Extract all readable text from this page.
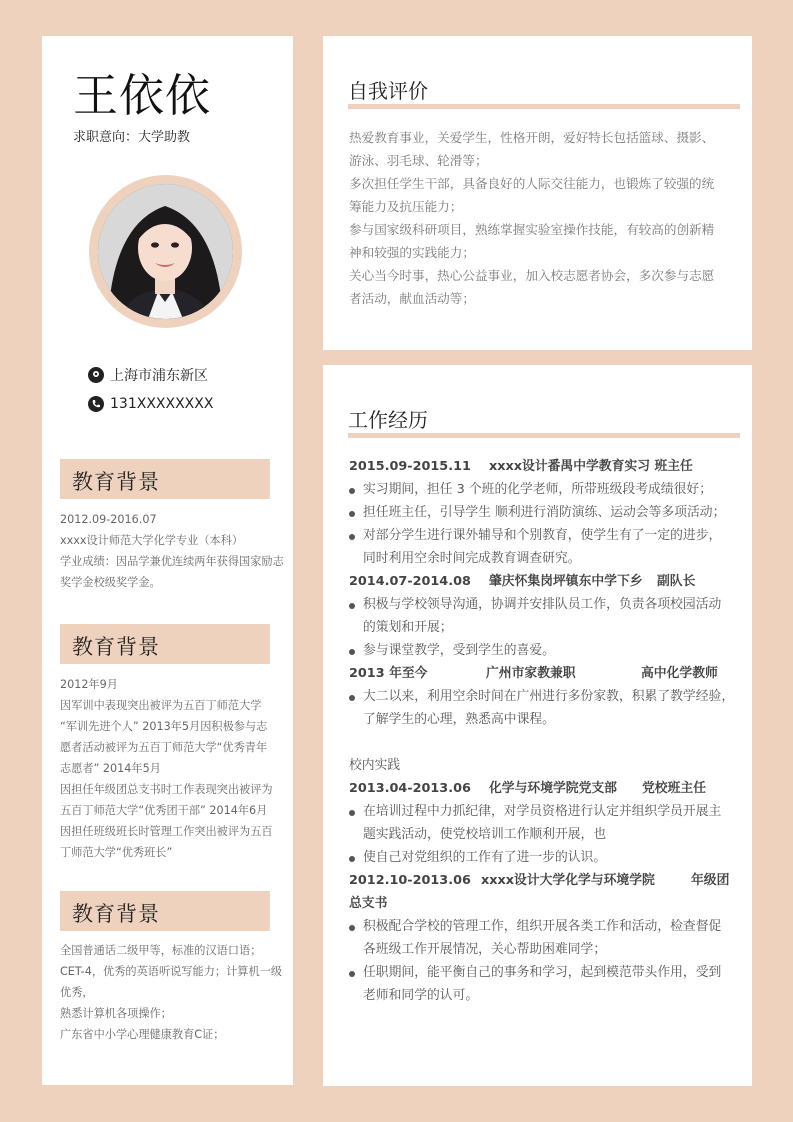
王依依
求职意向：大学助教
上海市浦东新区
131XXXXXXXX
教育背景
2012.09-2016.07
xxxx设计师范大学化学专业（本科）
学业成绩：因品学兼优连续两年获得国家励志
奖学金校级奖学金。
教育背景
2012年9月
因军训中表现突出被评为五百丁师范大学
“军训先进个人” 2013年5月因积极参与志
愿者活动被评为五百丁师范大学“优秀青年
志愿者” 2014年5月
因担任年级团总支书时工作表现突出被评为
五百丁师范大学“优秀团干部” 2014年6月
因担任班级班长时管理工作突出被评为五百
丁师范大学“优秀班长”
教育背景
全国普通话二级甲等，标准的汉语口语；
CET-4，优秀的英语听说写能力；计算机一级
优秀，
熟悉计算机各项操作；
广东省中小学心理健康教育C证；
自我评价
热爱教育事业，关爱学生，性格开朗，爱好特长包括篮球、摄影、
游泳、羽毛球、轮滑等；
多次担任学生干部，具备良好的人际交往能力，也锻炼了较强的统
筹能力及抗压能力；
参与国家级科研项目，熟练掌握实验室操作技能，有较高的创新精
神和较强的实践能力；
关心当今时事，热心公益事业，加入校志愿者协会，多次参与志愿
者活动，献血活动等；
工作经历
2015.09-2015.11 xxxx设计番禺中学教育实习 班主任
实习期间，担任 3 个班的化学老师，所带班级段考成绩很好；
担任班主任，引导学生 顺利进行消防演练、运动会等多项活动；
对部分学生进行课外辅导和个别教育，使学生有了一定的进步，
同时利用空余时间完成教育调查研究。
2014.07-2014.08 肇庆怀集岗坪镇东中学下乡 副队长
积极与学校领导沟通，协调并安排队员工作，负责各项校园活动
的策划和开展；
参与课堂教学，受到学生的喜爱。
2013 年至今	广州市家教兼职	高中化学教师
大二以来，利用空余时间在广州进行多份家教，积累了教学经验，
了解学生的心理，熟悉高中课程。
校内实践
2013.04-2013.06 化学与环境学院党支部 党校班主任
在培训过程中力抓纪律，对学员资格进行认定并组织学员开展主
题实践活动，使党校培训工作顺利开展，也
使自己对党组织的工作有了进一步的认识。
2012.10-2013.06 xxxx设计大学化学与环境学院	年级团
总支书
积极配合学校的管理工作，组织开展各类工作和活动，检查督促
各班级工作开展情况，关心帮助困难同学；
任职期间，能平衡自己的事务和学习，起到模范带头作用，受到
老师和同学的认可。
